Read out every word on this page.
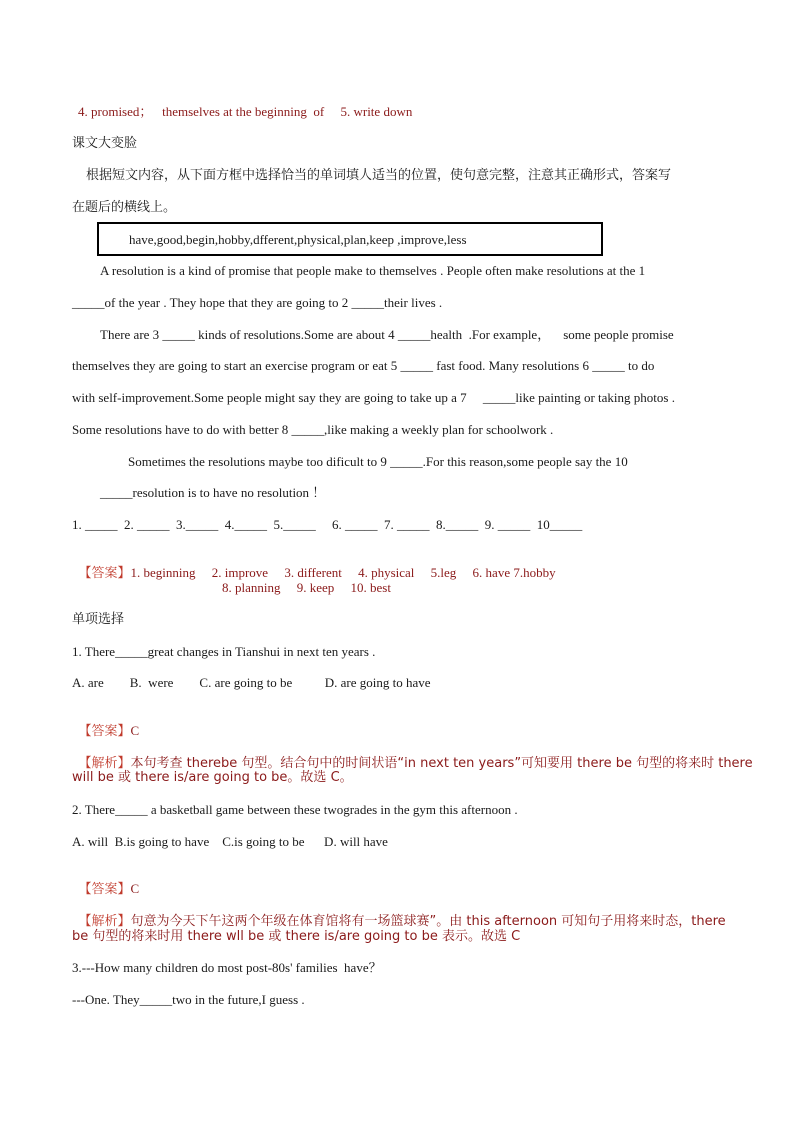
4. promised；   themselves at the beginning  of     5. write down
课文大变脸
根据短文内容，从下面方框中选择恰当的单词填人适当的位置，使句意完整，注意其正确形式，答案写
在题后的横线上。
have,good,begin,hobby,dfferent,physical,plan,keep ,improve,less
A resolution is a kind of promise that people make to themselves . People often make resolutions at the 1
_____of the year . They hope that they are going to 2 _____their lives .
There are 3 _____ kinds of resolutions.Some are about 4 _____health  .For example，    some people promise
themselves they are going to start an exercise program or eat 5 _____ fast food. Many resolutions 6 _____ to do
with self-improvement.Some people might say they are going to take up a 7     _____like painting or taking photos .
Some resolutions have to do with better 8 _____,like making a weekly plan for schoolwork .
Sometimes the resolutions maybe too dificult to 9 _____.For this reason,some people say the 10
_____resolution is to have no resolution ！
1. _____  2. _____  3._____  4._____  5._____     6. _____  7. _____  8._____  9. _____  10_____

【答案】1. beginning     2. improve     3. different     4. physical     5.leg     6. have 7.hobby

8. planning     9. keep     10. best
单项选择
1. There_____great changes in Tianshui in next ten years .
A. are        B.  were        C. are going to be          D. are going to have

【答案】C

【解析】本句考查 therebe 句型。结合句中的时间状语“in next ten years”可知要用 there be 句型的将来时 there

will be 或 there is/are going to be。故选 C。
2. There_____ a basketball game between these twogrades in the gym this afternoon .
A. will  B.is going to have    C.is going to be      D. will have

【答案】C

【解析】句意为今天下午这两个年级在体育馆将有一场篮球赛”。由 this afternoon 可知句子用将来时态，there

be 句型的将来时用 there wll be 或 there is/are going to be 表示。故选 C
3.---How many children do most post-80s' families  have？
---One. They_____two in the future,I guess .
